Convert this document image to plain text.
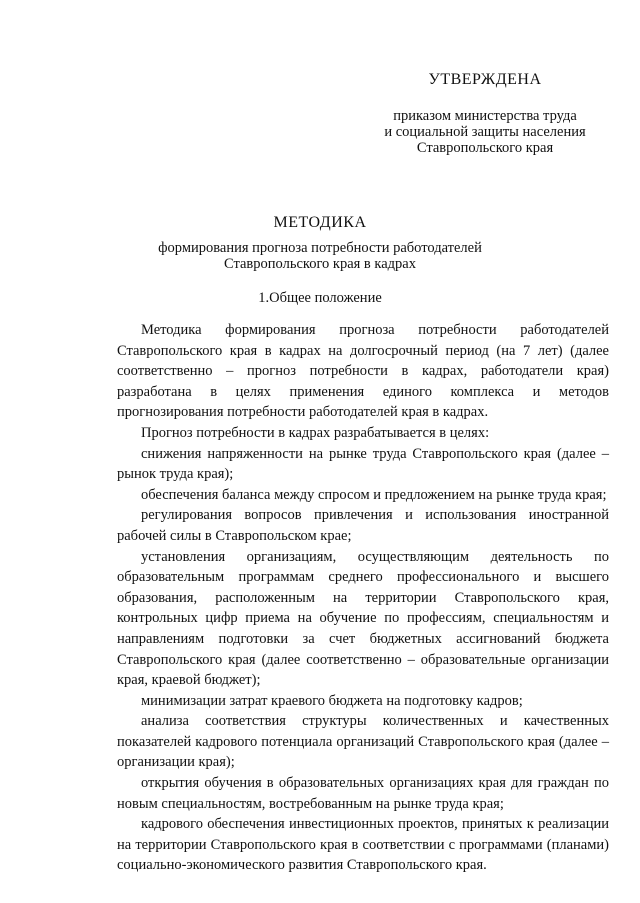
УТВЕРЖДЕНА
приказом министерства труда
и социальной защиты населения
Ставропольского края
МЕТОДИКА
формирования прогноза потребности работодателей
Ставропольского края в кадрах
1.Общее положение

Методика формирования прогноза потребности работодателей Ставропольского края в кадрах на долгосрочный период (на 7 лет) (далее соответственно – прогноз потребности в кадрах, работодатели края) разработана в целях применения единого комплекса и методов прогнозирования потребности работодателей края в кадрах.

Прогноз потребности в кадрах разрабатывается в целях:

снижения напряженности на рынке труда Ставропольского края (далее – рынок труда края);

обеспечения баланса между спросом и предложением на рынке труда края;

регулирования вопросов привлечения и использования иностранной рабочей силы в Ставропольском крае;

установления организациям, осуществляющим деятельность по образовательным программам среднего профессионального и высшего образования, расположенным на территории Ставропольского края, контрольных цифр приема на обучение по профессиям, специальностям и направлениям подготовки за счет бюджетных ассигнований бюджета Ставропольского края (далее соответственно – образовательные организации края, краевой бюджет);

минимизации затрат краевого бюджета на подготовку кадров;

анализа соответствия структуры количественных и качественных показателей кадрового потенциала организаций Ставропольского края (далее – организации края);

открытия обучения в образовательных организациях края для граждан по новым специальностям, востребованным на рынке труда края;

кадрового обеспечения инвестиционных проектов, принятых к реализации на территории Ставропольского края в соответствии с программами (планами) социально-экономического развития Ставропольского края.
